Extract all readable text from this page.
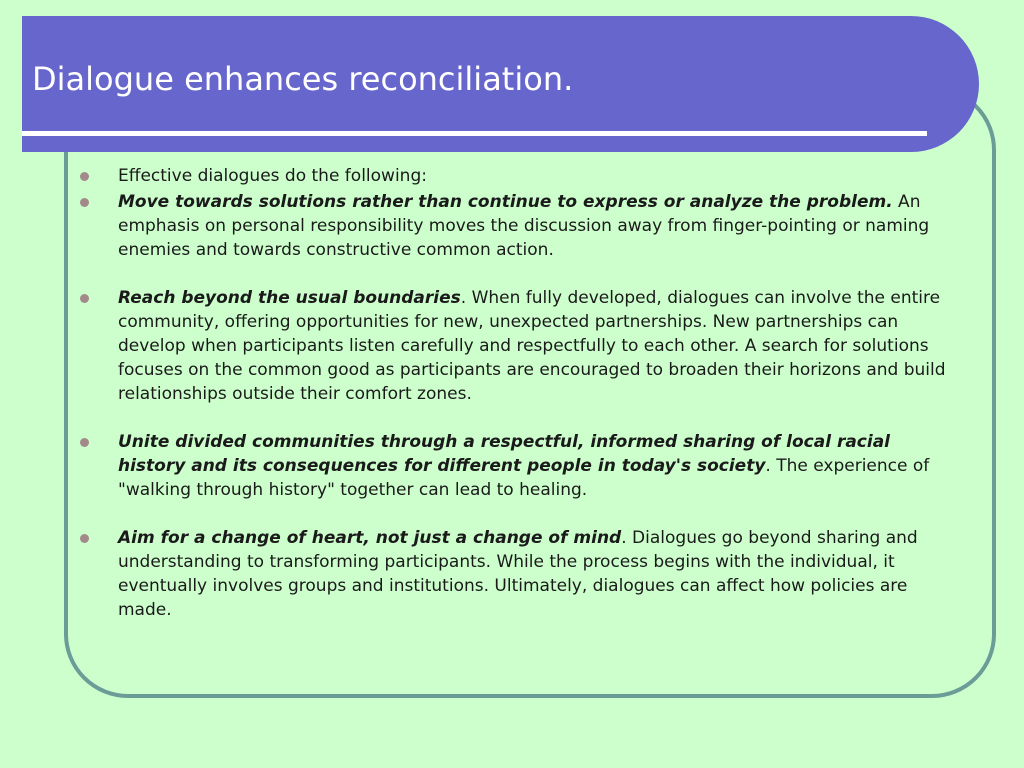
Dialogue enhances reconciliation.
Effective dialogues do the following:
Move towards solutions rather than continue to express or analyze the problem. An emphasis on personal responsibility moves the discussion away from finger-pointing or naming enemies and towards constructive common action.
Reach beyond the usual boundaries. When fully developed, dialogues can involve the entire community, offering opportunities for new, unexpected partnerships. New partnerships can develop when participants listen carefully and respectfully to each other. A search for solutions focuses on the common good as participants are encouraged to broaden their horizons and build relationships outside their comfort zones.
Unite divided communities through a respectful, informed sharing of local racial history and its consequences for different people in today's society. The experience of "walking through history" together can lead to healing.
Aim for a change of heart, not just a change of mind. Dialogues go beyond sharing and understanding to transforming participants. While the process begins with the individual, it eventually involves groups and institutions. Ultimately, dialogues can affect how policies are made.
